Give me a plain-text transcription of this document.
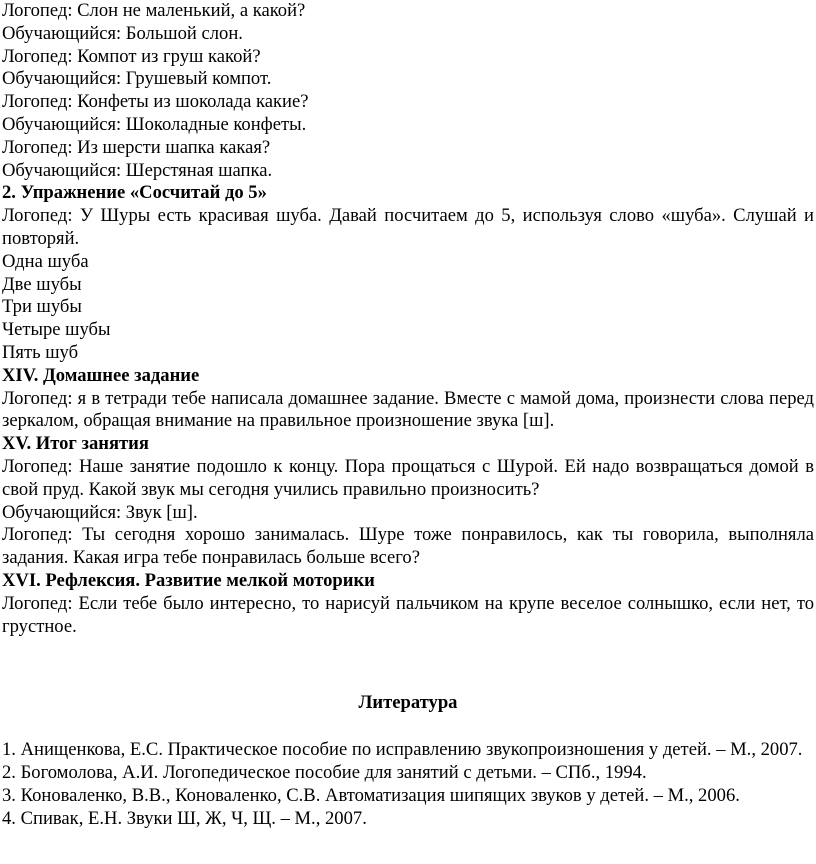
Логопед: Слон не маленький, а какой?
Обучающийся: Большой слон.
Логопед: Компот из груш какой?
Обучающийся: Грушевый компот.
Логопед: Конфеты из шоколада какие?
Обучающийся: Шоколадные конфеты.
Логопед: Из шерсти шапка какая?
Обучающийся: Шерстяная шапка.
2. Упражнение «Сосчитай до 5»
Логопед: У Шуры есть красивая шуба. Давай посчитаем до 5, используя слово «шуба». Слушай и повторяй.
Одна шуба
Две шубы
Три шубы
Четыре шубы
Пять шуб
XIV. Домашнее задание
Логопед: я в тетради тебе написала домашнее задание. Вместе с мамой дома, произнести слова перед зеркалом, обращая внимание на правильное произношение звука [ш].
XV. Итог занятия
Логопед: Наше занятие подошло к концу. Пора прощаться с Шурой. Ей надо возвращаться домой в свой пруд. Какой звук мы сегодня учились правильно произносить?
Обучающийся: Звук [ш].
Логопед: Ты сегодня хорошо занималась. Шуре тоже понравилось, как ты говорила, выполняла задания. Какая игра тебе понравилась больше всего?
XVI. Рефлексия. Развитие мелкой моторики
Логопед: Если тебе было интересно, то нарисуй пальчиком на крупе веселое солнышко, если нет, то грустное.
Литература
1. Анищенкова, Е.С. Практическое пособие по исправлению звукопроизношения у детей. – М., 2007.
2. Богомолова, А.И. Логопедическое пособие для занятий с детьми. – СПб., 1994.
3. Коноваленко, В.В., Коноваленко, С.В. Автоматизация шипящих звуков у детей. – М., 2006.
4. Спивак, Е.Н. Звуки Ш, Ж, Ч, Щ. – М., 2007.
